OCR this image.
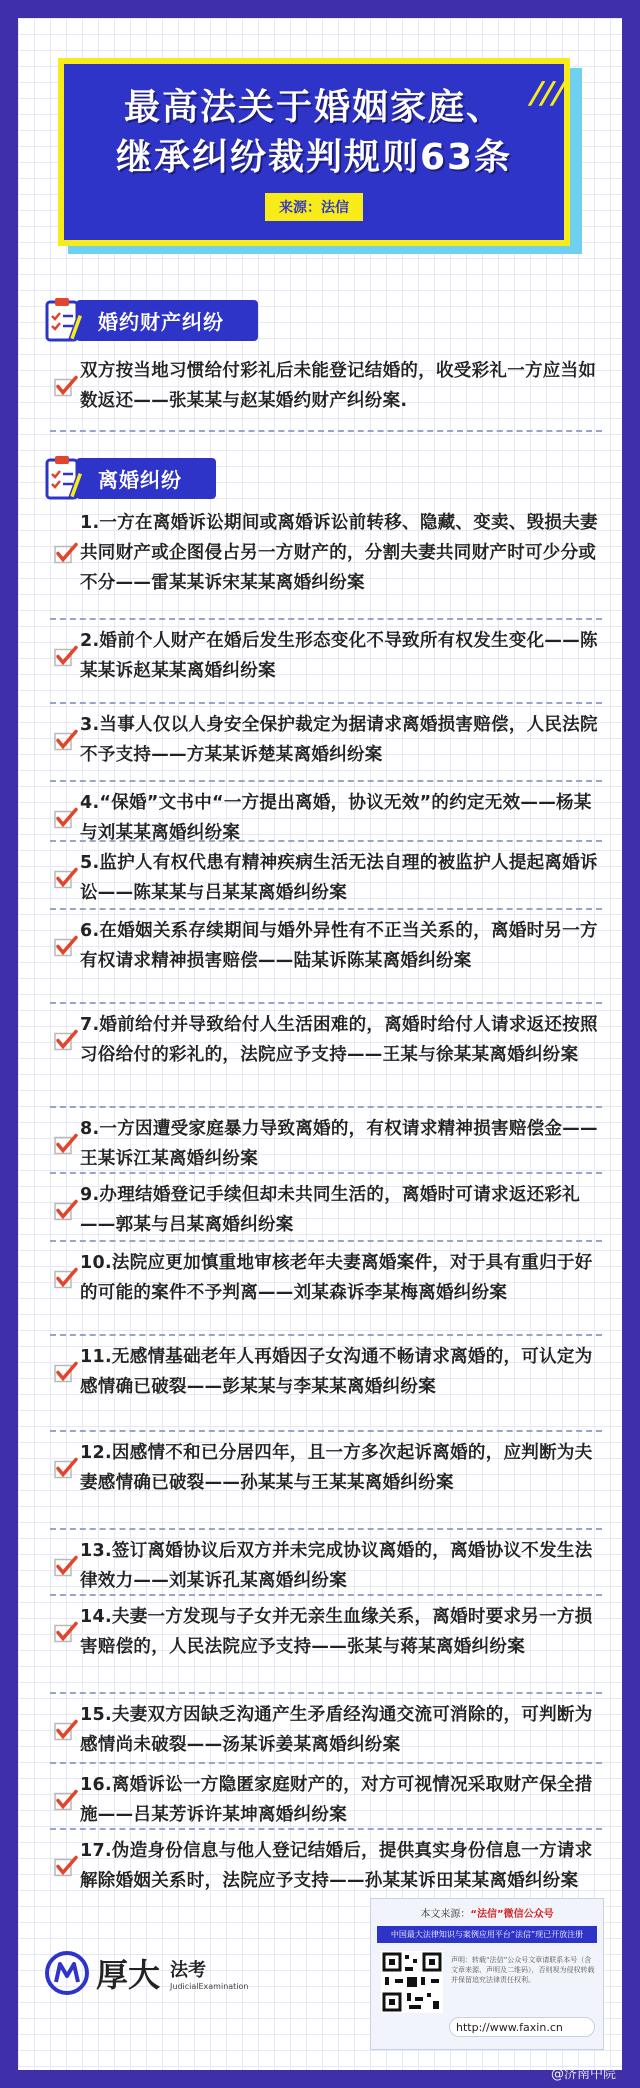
最高法关于婚姻家庭、
继承纠纷裁判规则63条
来源：法信
///
婚约财产纠纷
双方按当地习惯给付彩礼后未能登记结婚的，收受彩礼一方应当如数返还——张某某与赵某婚约财产纠纷案.
离婚纠纷
1.一方在离婚诉讼期间或离婚诉讼前转移、隐藏、变卖、毁损夫妻共同财产或企图侵占另一方财产的，分割夫妻共同财产时可少分或不分——雷某某诉宋某某离婚纠纷案
2.婚前个人财产在婚后发生形态变化不导致所有权发生变化——陈某某诉赵某某离婚纠纷案
3.当事人仅以人身安全保护裁定为据请求离婚损害赔偿，人民法院不予支持——方某某诉楚某离婚纠纷案
4.“保婚”文书中“一方提出离婚，协议无效”的约定无效——杨某与刘某某离婚纠纷案
5.监护人有权代患有精神疾病生活无法自理的被监护人提起离婚诉讼——陈某某与吕某某离婚纠纷案
6.在婚姻关系存续期间与婚外异性有不正当关系的，离婚时另一方有权请求精神损害赔偿——陆某诉陈某离婚纠纷案
7.婚前给付并导致给付人生活困难的，离婚时给付人请求返还按照习俗给付的彩礼的，法院应予支持——王某与徐某某离婚纠纷案
8.一方因遭受家庭暴力导致离婚的，有权请求精神损害赔偿金——王某诉江某离婚纠纷案
9.办理结婚登记手续但却未共同生活的，离婚时可请求返还彩礼——郭某与吕某离婚纠纷案
10.法院应更加慎重地审核老年夫妻离婚案件，对于具有重归于好的可能的案件不予判离——刘某森诉李某梅离婚纠纷案
11.无感情基础老年人再婚因子女沟通不畅请求离婚的，可认定为感情确已破裂——彭某某与李某某离婚纠纷案
12.因感情不和已分居四年，且一方多次起诉离婚的，应判断为夫妻感情确已破裂——孙某某与王某某离婚纠纷案
13.签订离婚协议后双方并未完成协议离婚的，离婚协议不发生法律效力——刘某诉孔某离婚纠纷案
14.夫妻一方发现与子女并无亲生血缘关系，离婚时要求另一方损害赔偿的，人民法院应予支持——张某与蒋某离婚纠纷案
15.夫妻双方因缺乏沟通产生矛盾经沟通交流可消除的，可判断为感情尚未破裂——汤某诉姜某离婚纠纷案
16.离婚诉讼一方隐匿家庭财产的，对方可视情况采取财产保全措施——吕某芳诉许某坤离婚纠纷案
17.伪造身份信息与他人登记结婚后，提供真实身份信息一方请求解除婚姻关系时，法院应予支持——孙某某诉田某某离婚纠纷案
厚大 法考
JudicialExamination
本文来源：“法信”微信公众号
中国最大法律知识与案例应用平台“法信”现已开放注册
声明：转载“法信”公众号文章请联系本号（含文章来源、声明及二维码），否则视为侵权转载并保留追究法律责任权利。
http://www.faxin.cn
@济南中院
